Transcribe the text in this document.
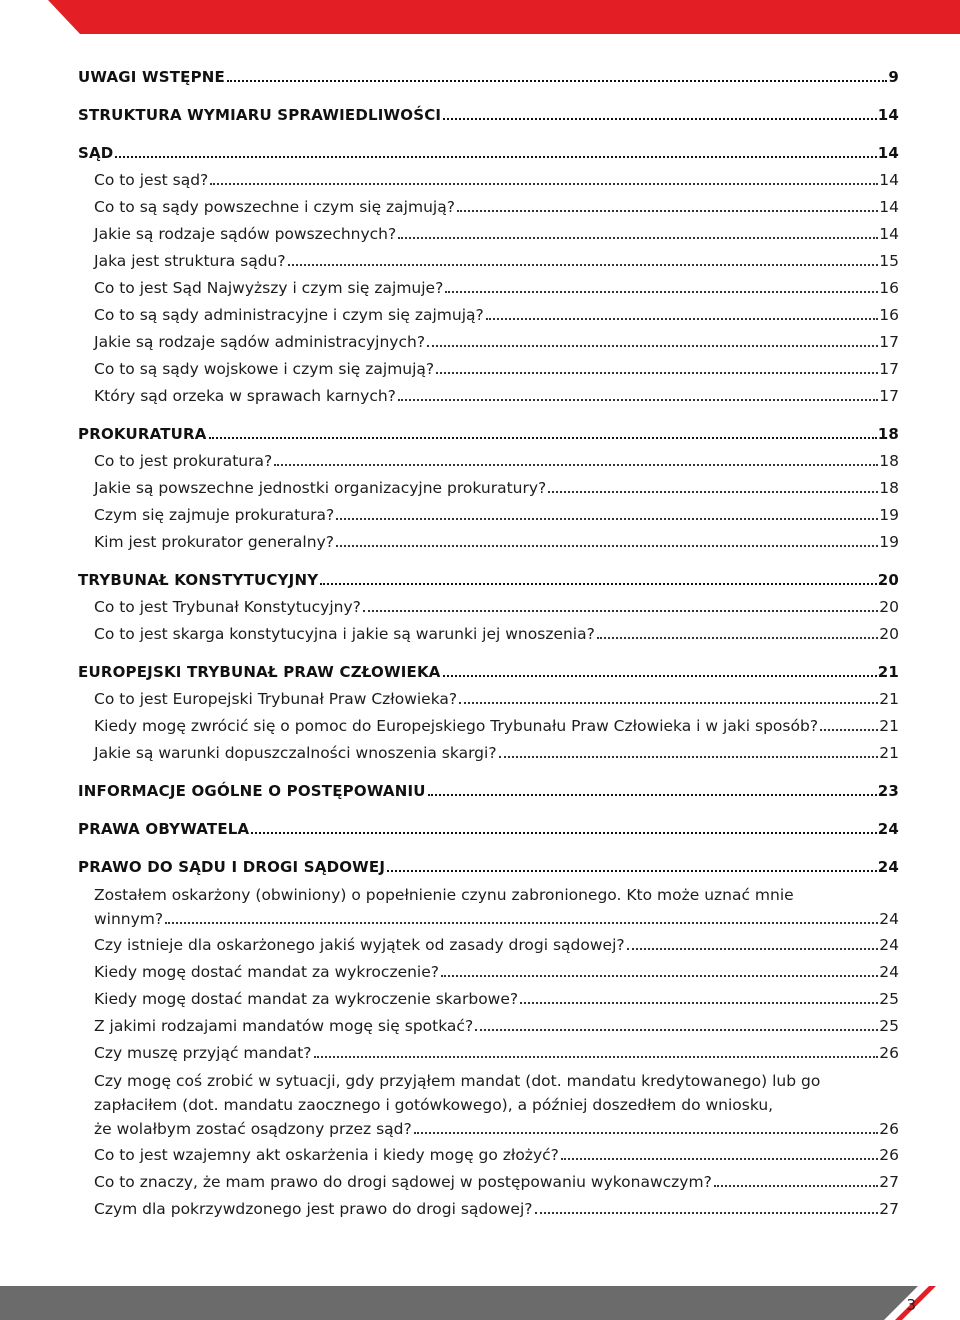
UWAGI WSTĘPNE	9
STRUKTURA WYMIARU SPRAWIEDLIWOŚCI	14
SĄD	14
Co to jest sąd?	14
Co to są sądy powszechne i czym się zajmują?	14
Jakie są rodzaje sądów powszechnych?	14
Jaka jest struktura sądu?	15
Co to jest Sąd Najwyższy i czym się zajmuje?	16
Co to są sądy administracyjne i czym się zajmują?	16
Jakie są rodzaje sądów administracyjnych?	17
Co to są sądy wojskowe i czym się zajmują?	17
Który sąd orzeka w sprawach karnych?	17
PROKURATURA	18
Co to jest prokuratura?	18
Jakie są powszechne jednostki organizacyjne prokuratury?	18
Czym się zajmuje prokuratura?	19
Kim jest prokurator generalny?	19
TRYBUNAŁ KONSTYTUCYJNY	20
Co to jest Trybunał Konstytucyjny?	20
Co to jest skarga konstytucyjna i jakie są warunki jej wnoszenia?	20
EUROPEJSKI TRYBUNAŁ PRAW CZŁOWIEKA	21
Co to jest Europejski Trybunał Praw Człowieka?	21
Kiedy mogę zwrócić się o pomoc do Europejskiego Trybunału Praw Człowieka i w jaki sposób?	21
Jakie są warunki dopuszczalności wnoszenia skargi?	21
INFORMACJE OGÓLNE O POSTĘPOWANIU	23
PRAWA OBYWATELA	24
PRAWO DO SĄDU I DROGI SĄDOWEJ	24
Zostałem oskarżony (obwiniony) o popełnienie czynu zabronionego. Kto może uznać mnie
winnym?	24
Czy istnieje dla oskarżonego jakiś wyjątek od zasady drogi sądowej?	24
Kiedy mogę dostać mandat za wykroczenie?	24
Kiedy mogę dostać mandat za wykroczenie skarbowe?	25
Z jakimi rodzajami mandatów mogę się spotkać?	25
Czy muszę przyjąć mandat?	26
Czy mogę coś zrobić w sytuacji, gdy przyjąłem mandat (dot. mandatu kredytowanego) lub go zapłaciłem (dot. mandatu zaocznego i gotówkowego), a później doszedłem do wniosku,
że wolałbym zostać osądzony przez sąd?	26
Co to jest wzajemny akt oskarżenia i kiedy mogę go złożyć?	26
Co to znaczy, że mam prawo do drogi sądowej w postępowaniu wykonawczym?	27
Czym dla pokrzywdzonego jest prawo do drogi sądowej?	27
3
